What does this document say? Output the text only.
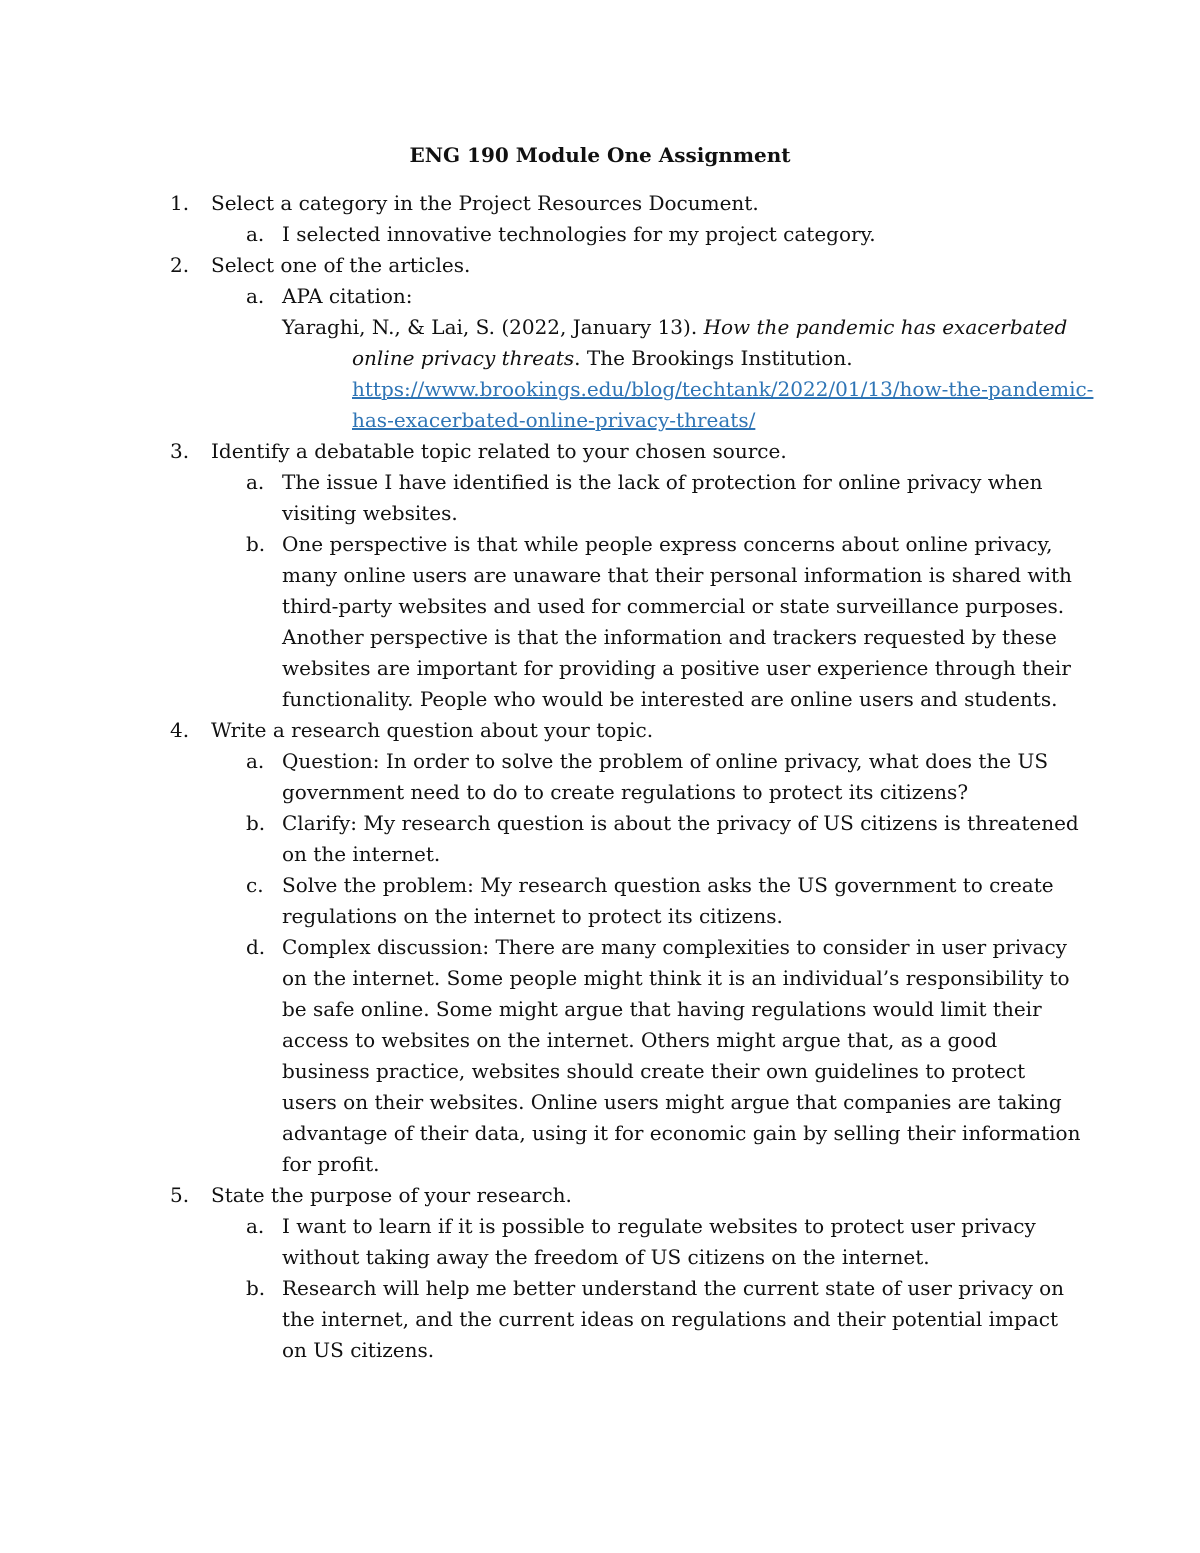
ENG 190 Module One Assignment
1. Select a category in the Project Resources Document.
a. I selected innovative technologies for my project category.
2. Select one of the articles.
a. APA citation:
Yaraghi, N., & Lai, S. (2022, January 13). How the pandemic has exacerbated online privacy threats. The Brookings Institution. https://www.brookings.edu/blog/techtank/2022/01/13/how-the-pandemic-has-exacerbated-online-privacy-threats/
3. Identify a debatable topic related to your chosen source.
a. The issue I have identified is the lack of protection for online privacy when visiting websites.
b. One perspective is that while people express concerns about online privacy, many online users are unaware that their personal information is shared with third-party websites and used for commercial or state surveillance purposes. Another perspective is that the information and trackers requested by these websites are important for providing a positive user experience through their functionality. People who would be interested are online users and students.
4. Write a research question about your topic.
a. Question: In order to solve the problem of online privacy, what does the US government need to do to create regulations to protect its citizens?
b. Clarify: My research question is about the privacy of US citizens is threatened on the internet.
c. Solve the problem: My research question asks the US government to create regulations on the internet to protect its citizens.
d. Complex discussion: There are many complexities to consider in user privacy on the internet. Some people might think it is an individual’s responsibility to be safe online. Some might argue that having regulations would limit their access to websites on the internet. Others might argue that, as a good business practice, websites should create their own guidelines to protect users on their websites. Online users might argue that companies are taking advantage of their data, using it for economic gain by selling their information for profit.
5. State the purpose of your research.
a. I want to learn if it is possible to regulate websites to protect user privacy without taking away the freedom of US citizens on the internet.
b. Research will help me better understand the current state of user privacy on the internet, and the current ideas on regulations and their potential impact on US citizens.
